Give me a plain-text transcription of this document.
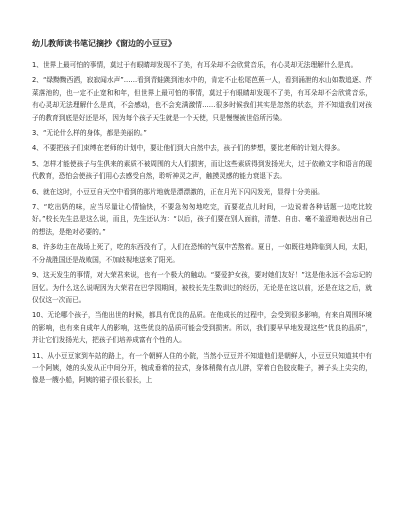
幼儿教师读书笔记摘抄《窗边的小豆豆》

1、世界上最可怕的事情，莫过于有眼睛却发现不了美，有耳朵却不会欣赏音乐，有心灵却无法理解什么是真。

2、“绿黝黝西洒，寂寂闻水声”……看到青蛙跳到池水中的，肯定不止松尾芭蕉一人，看到涌泄的水山如数追逐、芹菜落池的，也一定不止宽和和年，但世界上最可怕的事情，莫过于有眼睛却发现不了美，有耳朵却不会欣赏音乐，有心灵却无法理解什么是真，不会感动，也不会充满激情……很多时候我们其实是忽然的状态，并不知道我们对孩子的教育到底是好还是坏，因为每个孩子天生就是一个天使，只是慢慢被世俗所污染。

3、“无论什么样的身体，都是美丽的。”

4、不要把孩子们束缚在老师的计划中，要让他们到大自然中去，孩子们的梦想，要比老师的计划大得多。

5、怎样才能使孩子与生俱来的素质不被周围的大人们损害，而让这些素质得到发扬光大，过于依赖文字和语言的现代教育，恐怕会使孩子们用心去感受自然，聆听神灵之声，触摸灵感的能力衰退下去。

6、就在这时，小豆豆自天空中看到的那片地就是漂漂激的，正在月光下闪闪发光，显得十分美丽。

7、“吃出奶的味，应当尽量让心情愉快，不要急匆匆地吃完，而要花点儿时间，一边说着各种话题一边吃比较好。”校长先生总是这么说，而且，先生还认为：“以后，孩子们要在别人面前，清楚、自由、毫不羞涩地表达出自己的想法，是绝对必要的。”

8、许多幼主在战场上死了，吃的东西没有了，人们在恐怖的气氛中苦熬着。夏日，一如既往地降临到人间，太阳，不分战胜国还是战败国，不加歧视地送来了阳光。

9、这天发生的事情，对大荣君来说，也有一个极大的触动。“要爱护女孩，要对她们友好！”这是他永远不会忘记的回忆。为什么这么说呢因为大荣君在巴学园期间，被校长先生数训过的经历，无论是在这以前，还是在这之后，就仅仅这一次而已。

10、无论哪个孩子，当他出世的时候，都具有优良的品质。在他成长的过程中，会受到很多影响，有来自周围环境的影响，也有来自成年人的影响，这些优良的品质可能会受到损害。所以，我们要早早地发现这些“优良的品质”，并让它们发扬光大，把孩子们培养成富有个性的人。

11、从小豆豆家到车站的路上，有一个朝鲜人住的小院，当然小豆豆并不知道他们是朝鲜人，小豆豆只知道其中有一个阿姨，她的头发从正中间分开，梳成垂着的拉式，身体稍微有点儿胖，穿着白色胶皮鞋子，裤子头上尖尖的，像是一艘小船，阿姨的裙子很长很长，上
